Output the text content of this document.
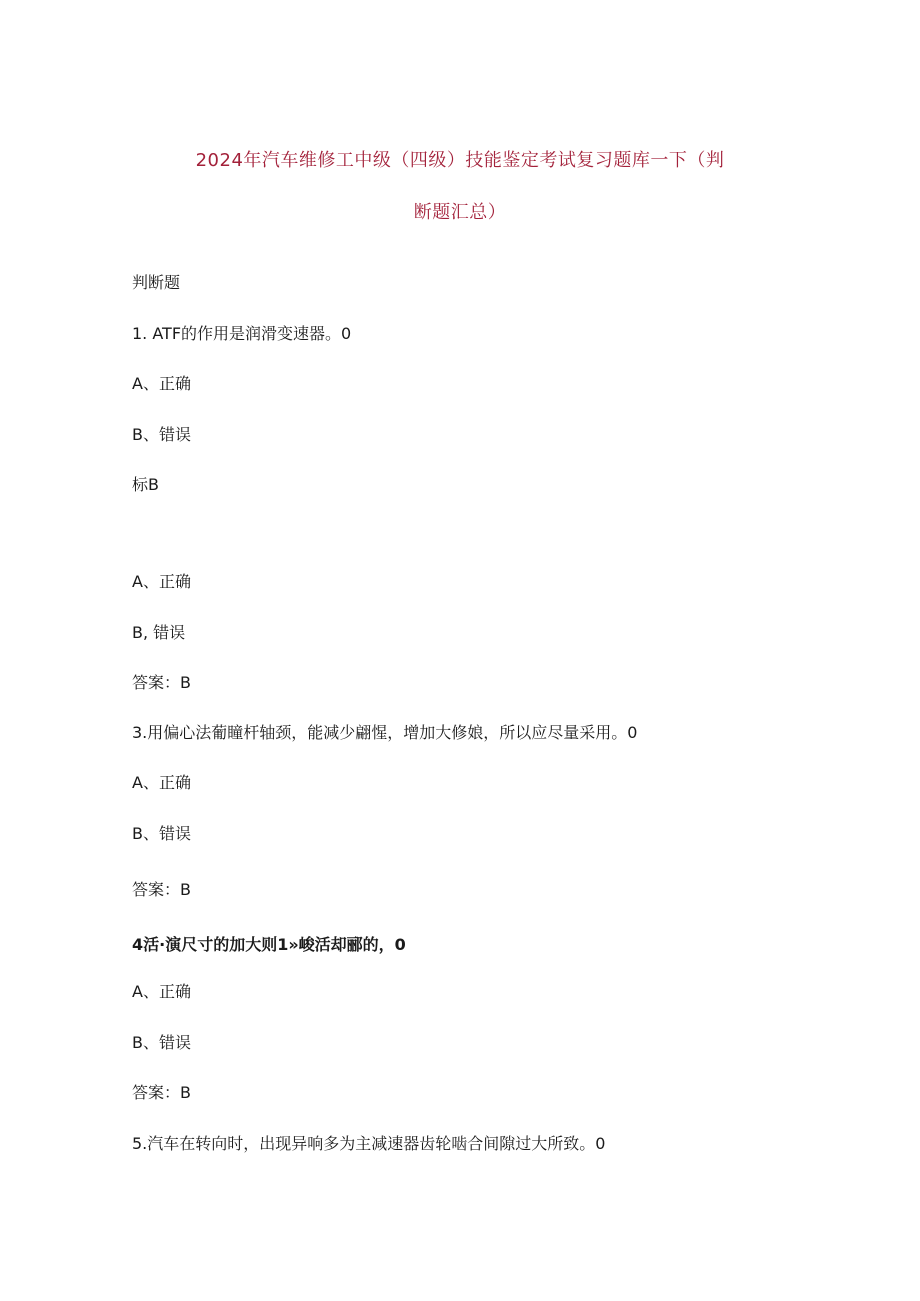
2024年汽车维修工中级（四级）技能鉴定考试复习题库一下（判
断题汇总）
判断题
1. ATF的作用是润滑变速器。0
A、正确
B、错误
标B
A、正确
B, 错误
答案：B
3.用偏心法葡瞳杆轴颈，能减少翩惺，增加大修娘，所以应尽量采用。0
A、正确
B、错误
答案：B
4活·演尺寸的加大则1»峻活却郦的，0
A、正确
B、错误
答案：B
5.汽车在转向时，出现异响多为主减速器齿轮啮合间隙过大所致。0
